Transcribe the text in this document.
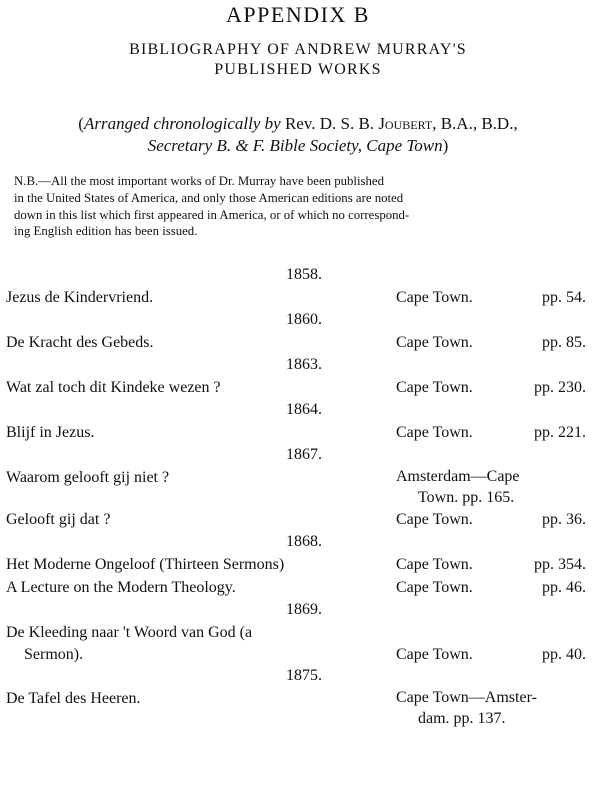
APPENDIX B
BIBLIOGRAPHY OF ANDREW MURRAY'S
PUBLISHED WORKS
(Arranged chronologically by Rev. D. S. B. Joubert, B.A., B.D.,
Secretary B. & F. Bible Society, Cape Town)
N.B.—All the most important works of Dr. Murray have been published
in the United States of America, and only those American editions are noted
down in this list which first appeared in America, or of which no correspond-
ing English edition has been issued.
1858.
Jezus de Kindervriend.	Cape Town.	pp. 54.
1860.
De Kracht des Gebeds.	Cape Town.	pp. 85.
1863.
Wat zal toch dit Kindeke wezen ?	Cape Town.	pp. 230.
1864.
Blijf in Jezus.	Cape Town.	pp. 221.
1867.
Waarom gelooft gij niet ?	Amsterdam—Cape
Town. pp. 165.
Gelooft gij dat ?	Cape Town.	pp. 36.
1868.
Het Moderne Ongeloof (Thirteen Sermons)	Cape Town.	pp. 354.
A Lecture on the Modern Theology.	Cape Town.	pp. 46.
1869.
De Kleeding naar 't Woord van God (a
Sermon).	Cape Town.	pp. 40.
1875.
De Tafel des Heeren.	Cape Town—Amster-
dam. pp. 137.
